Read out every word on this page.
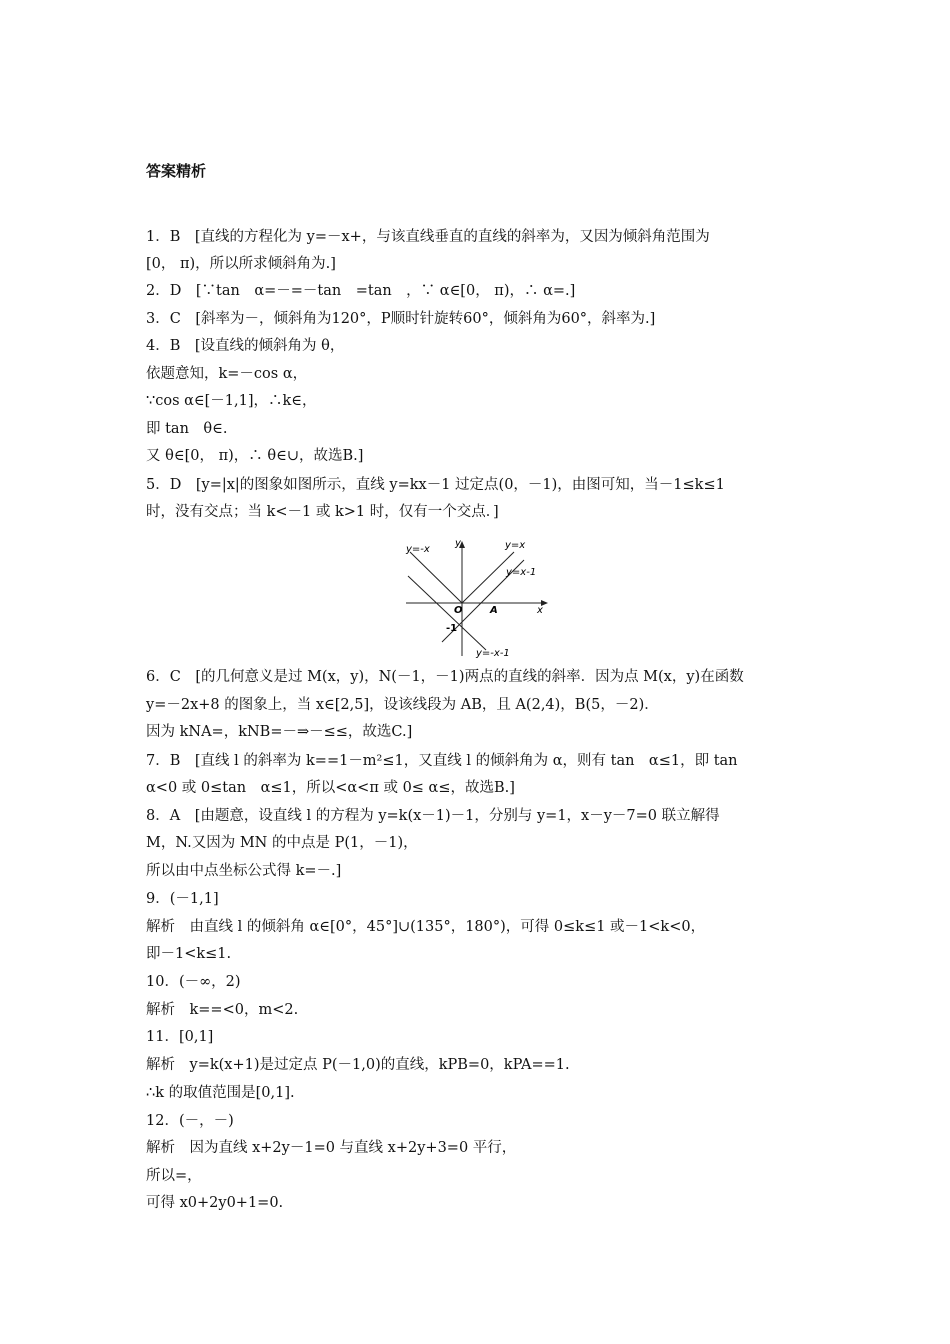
答案精析
1．B　[直线的方程化为 y=－x+，与该直线垂直的直线的斜率为，又因为倾斜角范围为
[0， π)，所以所求倾斜角为.]
2．D　[∵tan　α=－=－tan　=tan　，∵ α∈[0， π)，∴ α=.]
3．C　[斜率为－，倾斜角为120°，P顺时针旋转60°，倾斜角为60°，斜率为.]
4．B　[设直线的倾斜角为 θ，
依题意知，k=－cos α，
∵cos α∈[－1,1]，∴k∈，
即 tan　θ∈.
又 θ∈[0， π)，∴ θ∈∪，故选B.]
5．D　[y=|x|的图象如图所示，直线 y=kx－1 过定点(0，－1)，由图可知，当－1≤k≤1
时，没有交点；当 k<－1 或 k>1 时，仅有一个交点．]
y=-x
y	y=x
y=x-1
O	A	x
-1
y=-x-1
6．C　[的几何意义是过 M(x，y)，N(－1，－1)两点的直线的斜率．因为点 M(x，y)在函数
y=－2x+8 的图象上，当 x∈[2,5]，设该线段为 AB，且 A(2,4)，B(5，－2)．
因为 kNA=，kNB=－⇒－≤≤，故选C.]
7．B　[直线 l 的斜率为 k==1－m²≤1，又直线 l 的倾斜角为 α，则有 tan　α≤1，即 tan
α<0 或 0≤tan　α≤1，所以<α<π 或 0≤ α≤，故选B.]
8．A　[由题意，设直线 l 的方程为 y=k(x－1)－1，分别与 y=1，x－y－7=0 联立解得
M，N.又因为 MN 的中点是 P(1，－1)，
所以由中点坐标公式得 k=－.]
9．(－1,1]
解析　由直线 l 的倾斜角 α∈[0°，45°]∪(135°，180°)，可得 0≤k≤1 或－1<k<0，
即－1<k≤1.
10．(－∞，2)
解析　k==<0，m<2.
11．[0,1]
解析　y=k(x+1)是过定点 P(－1,0)的直线，kPB=0，kPA==1.
∴k 的取值范围是[0,1].
12．(－，－)
解析　因为直线 x+2y－1=0 与直线 x+2y+3=0 平行，
所以=，
可得 x0+2y0+1=0.
